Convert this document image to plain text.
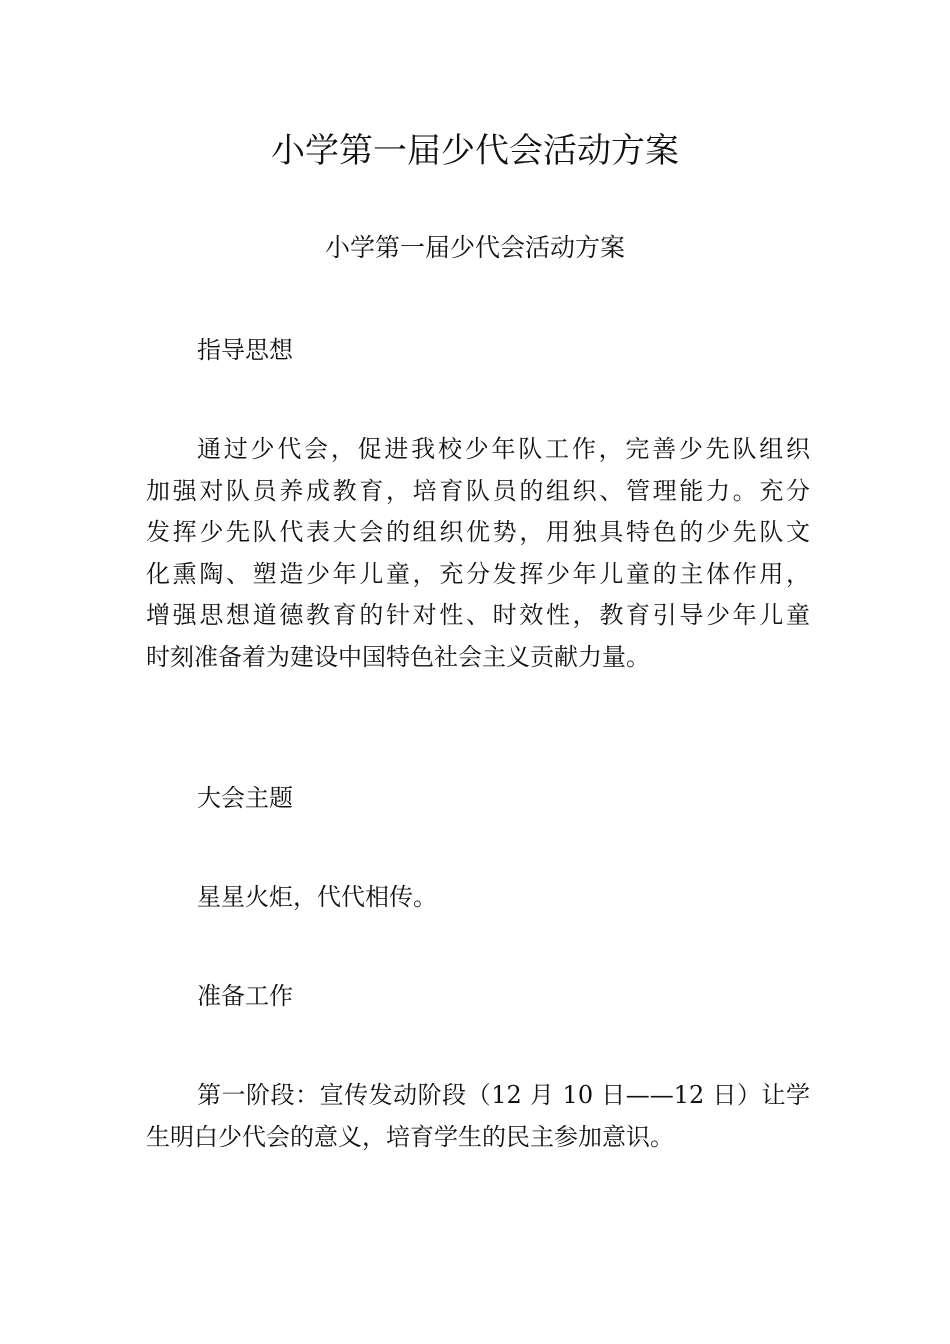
小学第一届少代会活动方案

小学第一届少代会活动方案

指导思想

通过少代会，促进我校少年队工作，完善少先队组织
加强对队员养成教育，培育队员的组织、管理能力。充分
发挥少先队代表大会的组织优势，用独具特色的少先队文
化熏陶、塑造少年儿童，充分发挥少年儿童的主体作用，
增强思想道德教育的针对性、时效性，教育引导少年儿童
时刻准备着为建设中国特色社会主义贡献力量。

大会主题

星星火炬，代代相传。

准备工作

第一阶段：宣传发动阶段（12 月 10 日——12 日）让学
生明白少代会的意义，培育学生的民主参加意识。
